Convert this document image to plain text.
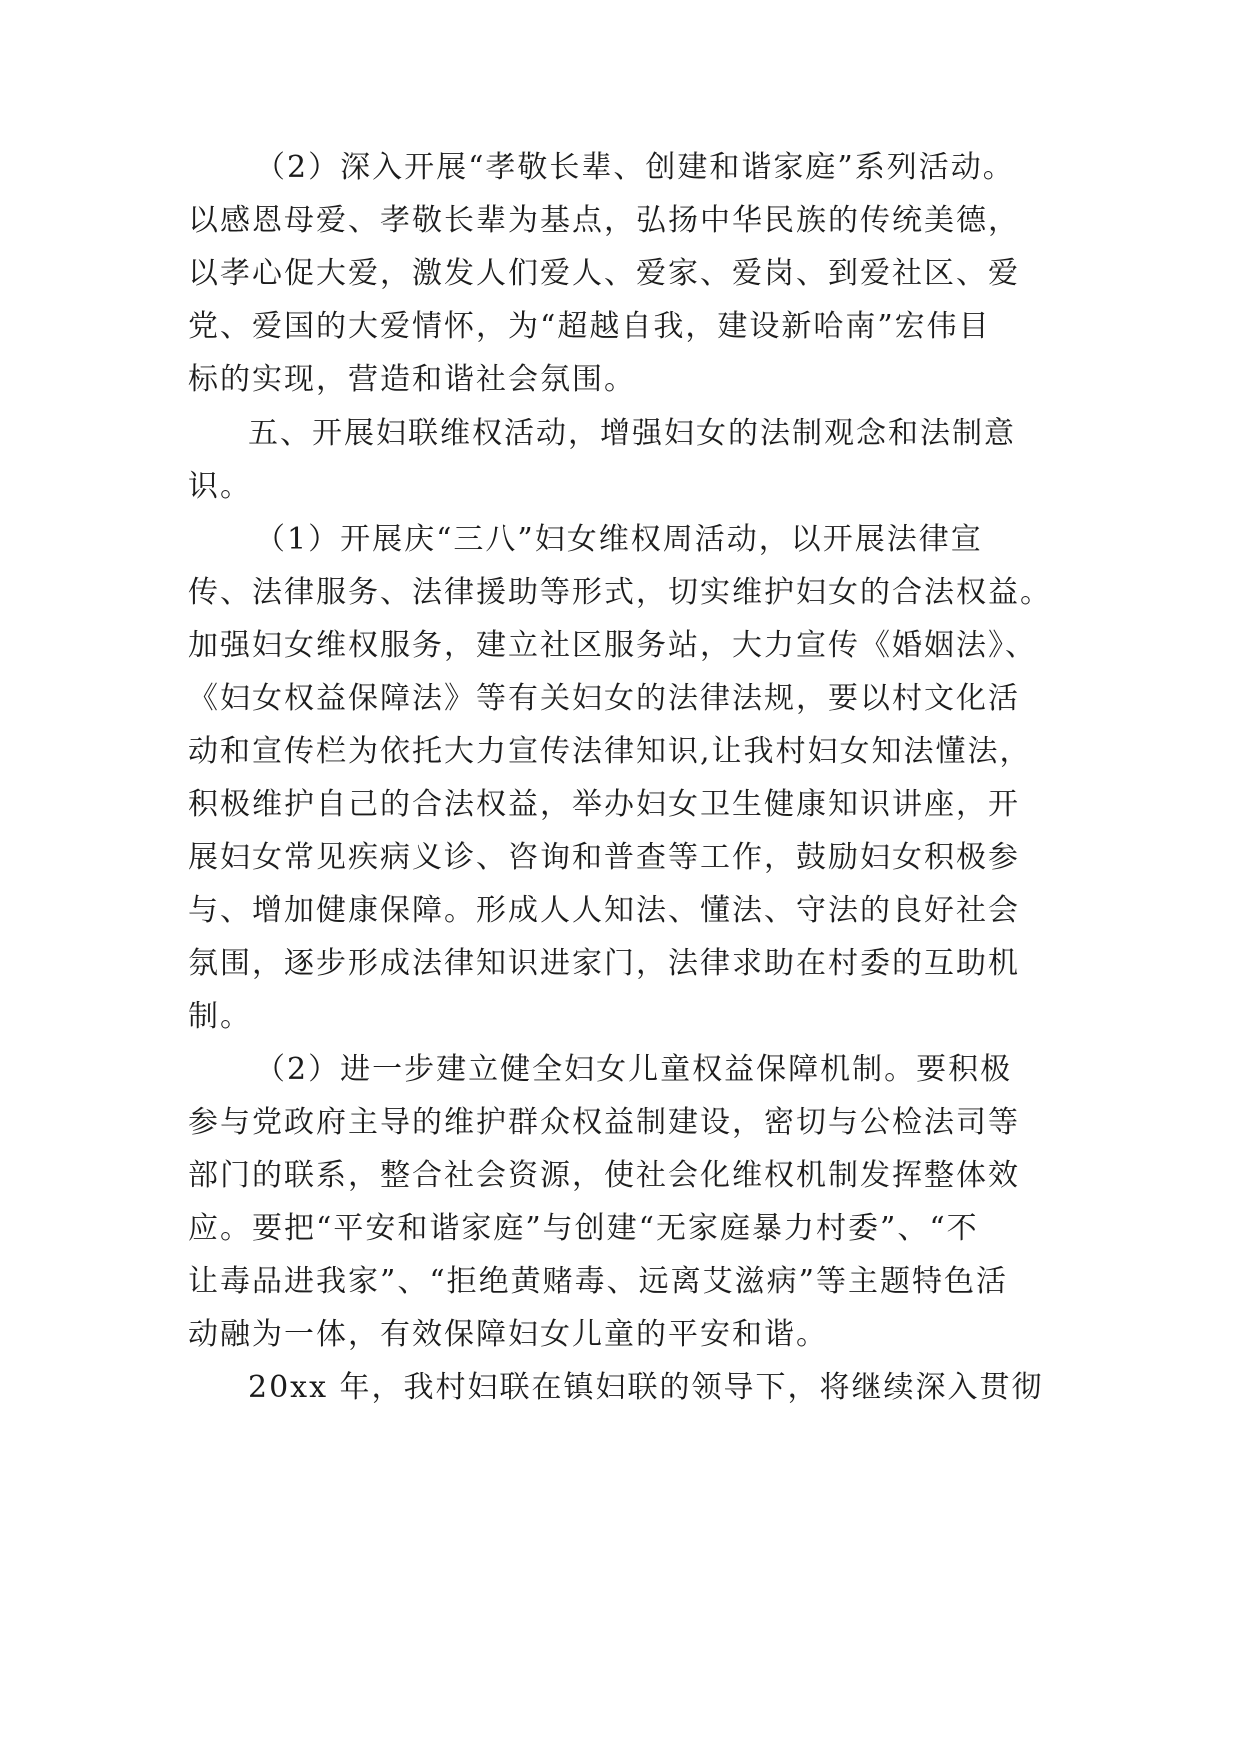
（2）深入开展“孝敬长辈、创建和谐家庭”系列活动。

以感恩母爱、孝敬长辈为基点，弘扬中华民族的传统美德，

以孝心促大爱，激发人们爱人、爱家、爱岗、到爱社区、爱

党、爱国的大爱情怀，为“超越自我，建设新哈南”宏伟目

标的实现，营造和谐社会氛围。

五、开展妇联维权活动，增强妇女的法制观念和法制意

识。

（1）开展庆“三八”妇女维权周活动，以开展法律宣

传、法律服务、法律援助等形式，切实维护妇女的合法权益。

加强妇女维权服务，建立社区服务站，大力宣传《婚姻法》、

《妇女权益保障法》等有关妇女的法律法规，要以村文化活

动和宣传栏为依托大力宣传法律知识,让我村妇女知法懂法，

积极维护自己的合法权益，举办妇女卫生健康知识讲座，开

展妇女常见疾病义诊、咨询和普查等工作，鼓励妇女积极参

与、增加健康保障。形成人人知法、懂法、守法的良好社会

氛围，逐步形成法律知识进家门，法律求助在村委的互助机

制。

（2）进一步建立健全妇女儿童权益保障机制。要积极

参与党政府主导的维护群众权益制建设，密切与公检法司等

部门的联系，整合社会资源，使社会化维权机制发挥整体效

应。要把“平安和谐家庭”与创建“无家庭暴力村委”、“不

让毒品进我家”、“拒绝黄赌毒、远离艾滋病”等主题特色活

动融为一体，有效保障妇女儿童的平安和谐。

20xx 年，我村妇联在镇妇联的领导下，将继续深入贯彻
